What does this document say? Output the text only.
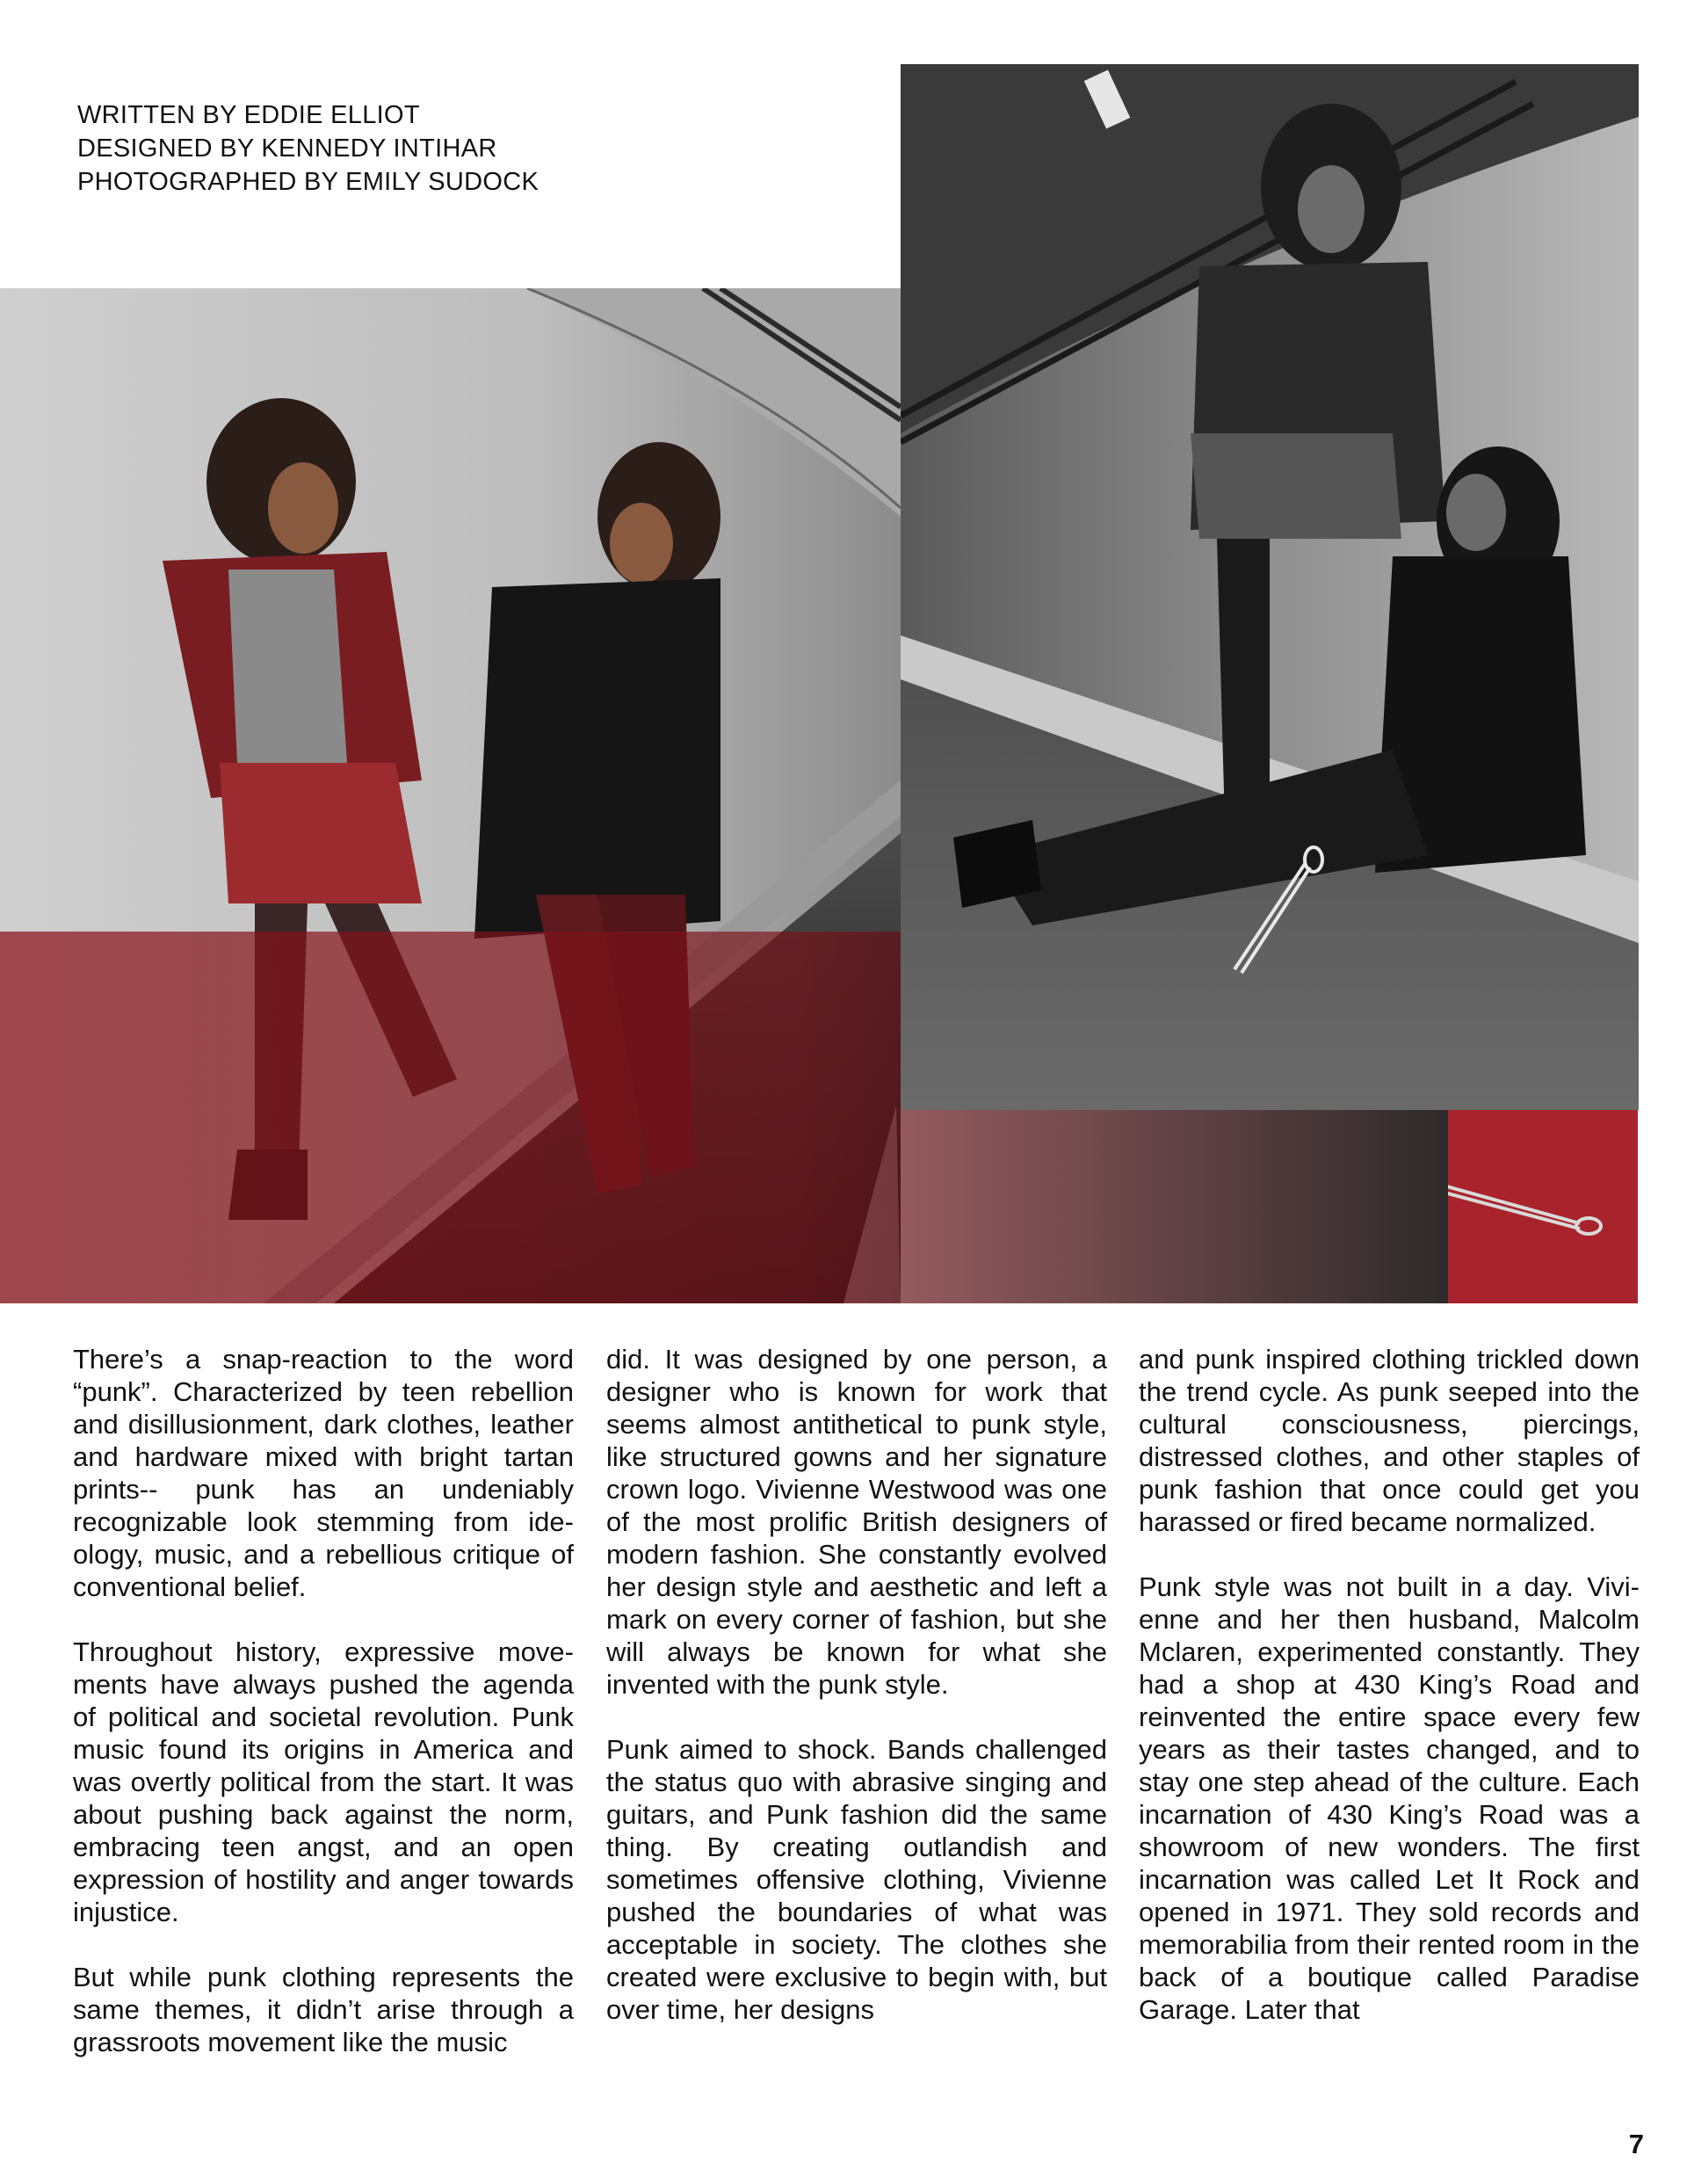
WRITTEN BY EDDIE ELLIOT
DESIGNED BY KENNEDY INTIHAR
PHOTOGRAPHED BY EMILY SUDOCK

There’s a snap-reaction to the word “punk”. Characterized by teen rebellion and disillusionment, dark clothes, leather and hardware mixed with bright tartan prints-- punk has an undeniably recognizable look stemming from ideology, music, and a rebellious critique of conventional belief.

Throughout history, expressive movements have always pushed the agenda of political and societal revolution. Punk music found its origins in America and was overtly political from the start. It was about pushing back against the norm, embracing teen angst, and an open expression of hostility and anger towards injustice.

But while punk clothing represents the same themes, it didn’t arise through a grassroots movement like the music

did. It was designed by one person, a designer who is known for work that seems almost antithetical to punk style, like structured gowns and her signature crown logo. Vivienne Westwood was one of the most prolific British designers of modern fashion. She constantly evolved her design style and aesthetic and left a mark on every corner of fashion, but she will always be known for what she invented with the punk style.

Punk aimed to shock. Bands challenged the status quo with abrasive singing and guitars, and Punk fashion did the same thing. By creating outlandish and sometimes offensive clothing, Vivienne pushed the boundaries of what was acceptable in society. The clothes she created were exclusive to begin with, but over time, her designs

and punk inspired clothing trickled down the trend cycle. As punk seeped into the cultural consciousness, piercings, distressed clothes, and other staples of punk fashion that once could get you harassed or fired became normalized.

Punk style was not built in a day. Vivienne and her then husband, Malcolm Mclaren, experimented constantly. They had a shop at 430 King’s Road and reinvented the entire space every few years as their tastes changed, and to stay one step ahead of the culture. Each incarnation of 430 King’s Road was a showroom of new wonders. The first incarnation was called Let It Rock and opened in 1971. They sold records and memorabilia from their rented room in the back of a boutique called Paradise Garage. Later that

7
